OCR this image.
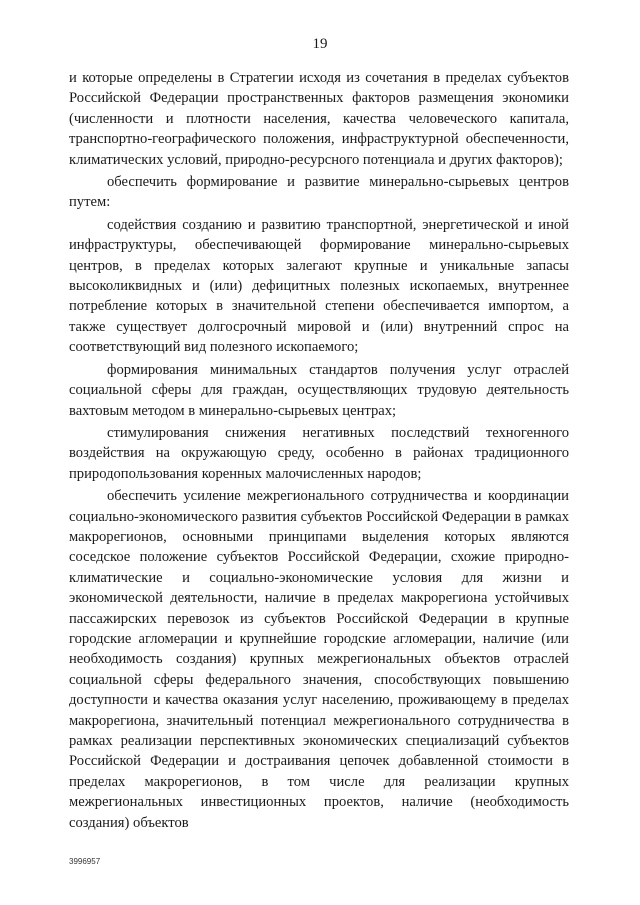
19

и которые определены в Стратегии исходя из сочетания в пределах субъектов Российской Федерации пространственных факторов размещения экономики (численности и плотности населения, качества человеческого капитала, транспортно-географического положения, инфраструктурной обеспеченности, климатических условий, природно-ресурсного потенциала и других факторов);

обеспечить формирование и развитие минерально-сырьевых центров путем:

содействия созданию и развитию транспортной, энергетической и иной инфраструктуры, обеспечивающей формирование минерально-сырьевых центров, в пределах которых залегают крупные и уникальные запасы высоколиквидных и (или) дефицитных полезных ископаемых, внутреннее потребление которых в значительной степени обеспечивается импортом, а также существует долгосрочный мировой и (или) внутренний спрос на соответствующий вид полезного ископаемого;

формирования минимальных стандартов получения услуг отраслей социальной сферы для граждан, осуществляющих трудовую деятельность вахтовым методом в минерально-сырьевых центрах;

стимулирования снижения негативных последствий техногенного воздействия на окружающую среду, особенно в районах традиционного природопользования коренных малочисленных народов;

обеспечить усиление межрегионального сотрудничества и координации социально-экономического развития субъектов Российской Федерации в рамках макрорегионов, основными принципами выделения которых являются соседское положение субъектов Российской Федерации, схожие природно-климатические и социально-экономические условия для жизни и экономической деятельности, наличие в пределах макрорегиона устойчивых пассажирских перевозок из субъектов Российской Федерации в крупные городские агломерации и крупнейшие городские агломерации, наличие (или необходимость создания) крупных межрегиональных объектов отраслей социальной сферы федерального значения, способствующих повышению доступности и качества оказания услуг населению, проживающему в пределах макрорегиона, значительный потенциал межрегионального сотрудничества в рамках реализации перспективных экономических специализаций субъектов Российской Федерации и достраивания цепочек добавленной стоимости в пределах макрорегионов, в том числе для реализации крупных межрегиональных инвестиционных проектов, наличие (необходимость создания) объектов

3996957
